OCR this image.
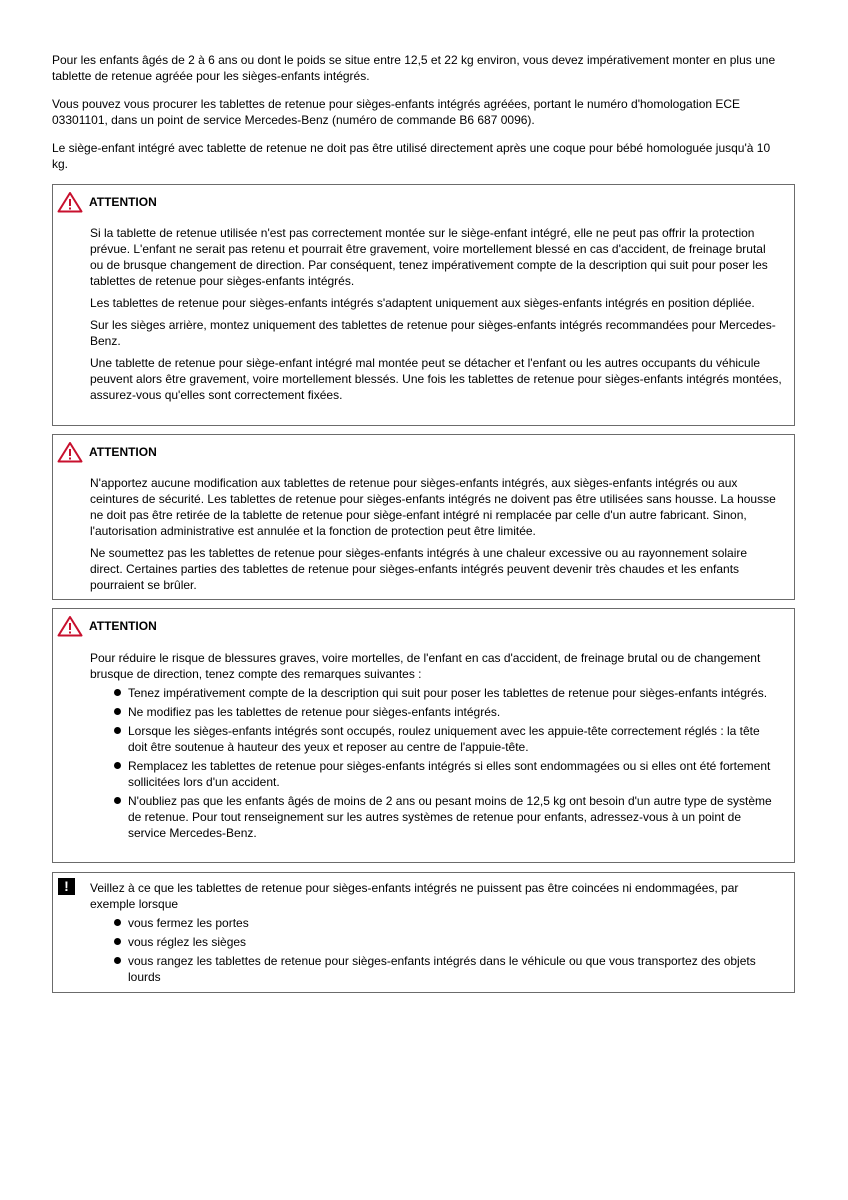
Pour les enfants âgés de 2 à 6 ans ou dont le poids se situe entre 12,5 et 22 kg environ, vous devez impérativement monter en plus une tablette de retenue agréée pour les sièges-enfants intégrés.

Vous pouvez vous procurer les tablettes de retenue pour sièges-enfants intégrés agréées, portant le numéro d'homologation ECE 03301101, dans un point de service Mercedes-Benz (numéro de commande B6 687 0096).

Le siège-enfant intégré avec tablette de retenue ne doit pas être utilisé directement après une coque pour bébé homologuée jusqu'à 10 kg.

ATTENTION

Si la tablette de retenue utilisée n'est pas correctement montée sur le siège-enfant intégré, elle ne peut pas offrir la protection prévue. L'enfant ne serait pas retenu et pourrait être gravement, voire mortellement blessé en cas d'accident, de freinage brutal ou de brusque changement de direction. Par conséquent, tenez impérativement compte de la description qui suit pour poser les tablettes de retenue pour sièges-enfants intégrés.

Les tablettes de retenue pour sièges-enfants intégrés s'adaptent uniquement aux sièges-enfants intégrés en position dépliée.

Sur les sièges arrière, montez uniquement des tablettes de retenue pour sièges-enfants intégrés recommandées pour Mercedes-Benz.

Une tablette de retenue pour siège-enfant intégré mal montée peut se détacher et l'enfant ou les autres occupants du véhicule peuvent alors être gravement, voire mortellement blessés. Une fois les tablettes de retenue pour sièges-enfants intégrés montées, assurez-vous qu'elles sont correctement fixées.

ATTENTION

N'apportez aucune modification aux tablettes de retenue pour sièges-enfants intégrés, aux sièges-enfants intégrés ou aux ceintures de sécurité. Les tablettes de retenue pour sièges-enfants intégrés ne doivent pas être utilisées sans housse. La housse ne doit pas être retirée de la tablette de retenue pour siège-enfant intégré ni remplacée par celle d'un autre fabricant. Sinon, l'autorisation administrative est annulée et la fonction de protection peut être limitée.

Ne soumettez pas les tablettes de retenue pour sièges-enfants intégrés à une chaleur excessive ou au rayonnement solaire direct. Certaines parties des tablettes de retenue pour sièges-enfants intégrés peuvent devenir très chaudes et les enfants pourraient se brûler.

ATTENTION

Pour réduire le risque de blessures graves, voire mortelles, de l'enfant en cas d'accident, de freinage brutal ou de changement brusque de direction, tenez compte des remarques suivantes :

Tenez impérativement compte de la description qui suit pour poser les tablettes de retenue pour sièges-enfants intégrés.
Ne modifiez pas les tablettes de retenue pour sièges-enfants intégrés.
Lorsque les sièges-enfants intégrés sont occupés, roulez uniquement avec les appuie-tête correctement réglés : la tête doit être soutenue à hauteur des yeux et reposer au centre de l'appuie-tête.
Remplacez les tablettes de retenue pour sièges-enfants intégrés si elles sont endommagées ou si elles ont été fortement sollicitées lors d'un accident.
N'oubliez pas que les enfants âgés de moins de 2 ans ou pesant moins de 12,5 kg ont besoin d'un autre type de système de retenue. Pour tout renseignement sur les autres systèmes de retenue pour enfants, adressez-vous à un point de service Mercedes-Benz.
!	Veillez à ce que les tablettes de retenue pour sièges-enfants intégrés ne puissent pas être coincées ni endommagées, par exemple lorsque

vous fermez les portes
vous réglez les sièges
vous rangez les tablettes de retenue pour sièges-enfants intégrés dans le véhicule ou que vous transportez des objets lourds
